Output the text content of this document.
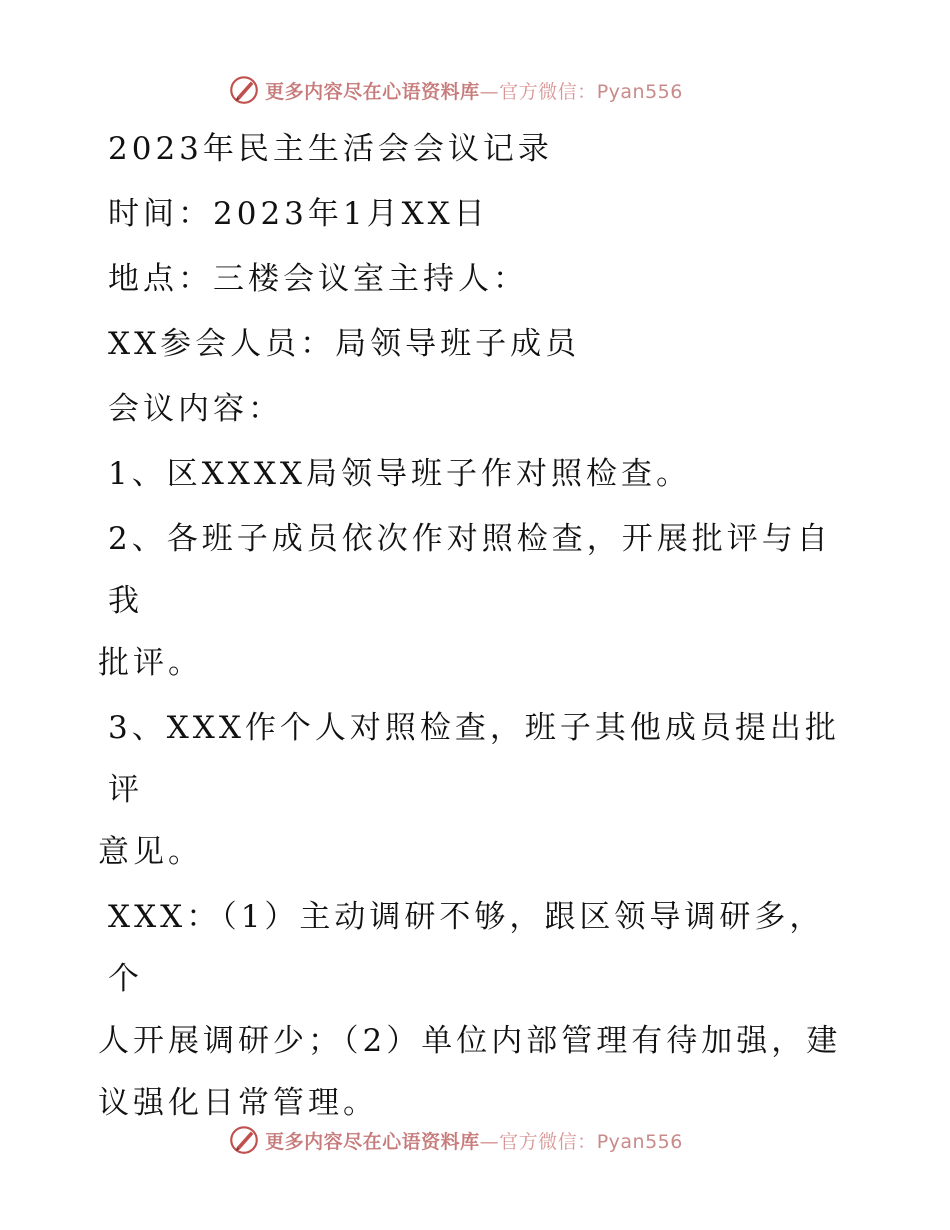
更多内容尽在心语资料库—官方微信：Pyan556

2023年民主生活会会议记录

时间：2023年1月XX日

地点：三楼会议室主持人：

XX参会人员：局领导班子成员

会议内容：

1、区XXXX局领导班子作对照检查。

2、各班子成员依次作对照检查，开展批评与自我

批评。

3、XXX作个人对照检查，班子其他成员提出批评

意见。

XXX：（1）主动调研不够，跟区领导调研多，个

人开展调研少；（2）单位内部管理有待加强，建

议强化日常管理。

更多内容尽在心语资料库—官方微信：Pyan556
